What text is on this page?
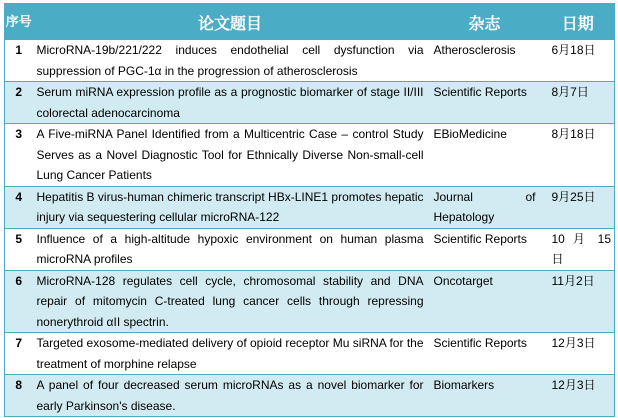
序号	论文题目	杂志	日期
1	MicroRNA-19b/221/222 induces endothelial cell dysfunction via suppression of PGC-1α in the progression of atherosclerosis	Atherosclerosis	6月18日
2	Serum miRNA expression profile as a prognostic biomarker of stage II/III colorectal adenocarcinoma	Scientific Reports	8月7日
3	A Five-miRNA Panel Identified from a Multicentric Case – control Study Serves as a Novel Diagnostic Tool for Ethnically Diverse Non-small-cell Lung Cancer Patients	EBioMedicine	8月18日
4	Hepatitis B virus-human chimeric transcript HBx-LINE1 promotes hepatic injury via sequestering cellular microRNA-122	Journal of Hepatology	9月25日
5	Influence of a high-altitude hypoxic environment on human plasma microRNA profiles	Scientific Reports	10 月 15 日
6	MicroRNA-128 regulates cell cycle, chromosomal stability and DNA repair of mitomycin C-treated lung cancer cells through repressing nonerythroid αII spectrin.	Oncotarget	11月2日
7	Targeted exosome-mediated delivery of opioid receptor Mu siRNA for the treatment of morphine relapse	Scientific Reports	12月3日
8	A panel of four decreased serum microRNAs as a novel biomarker for early Parkinson's disease.	Biomarkers	12月3日
